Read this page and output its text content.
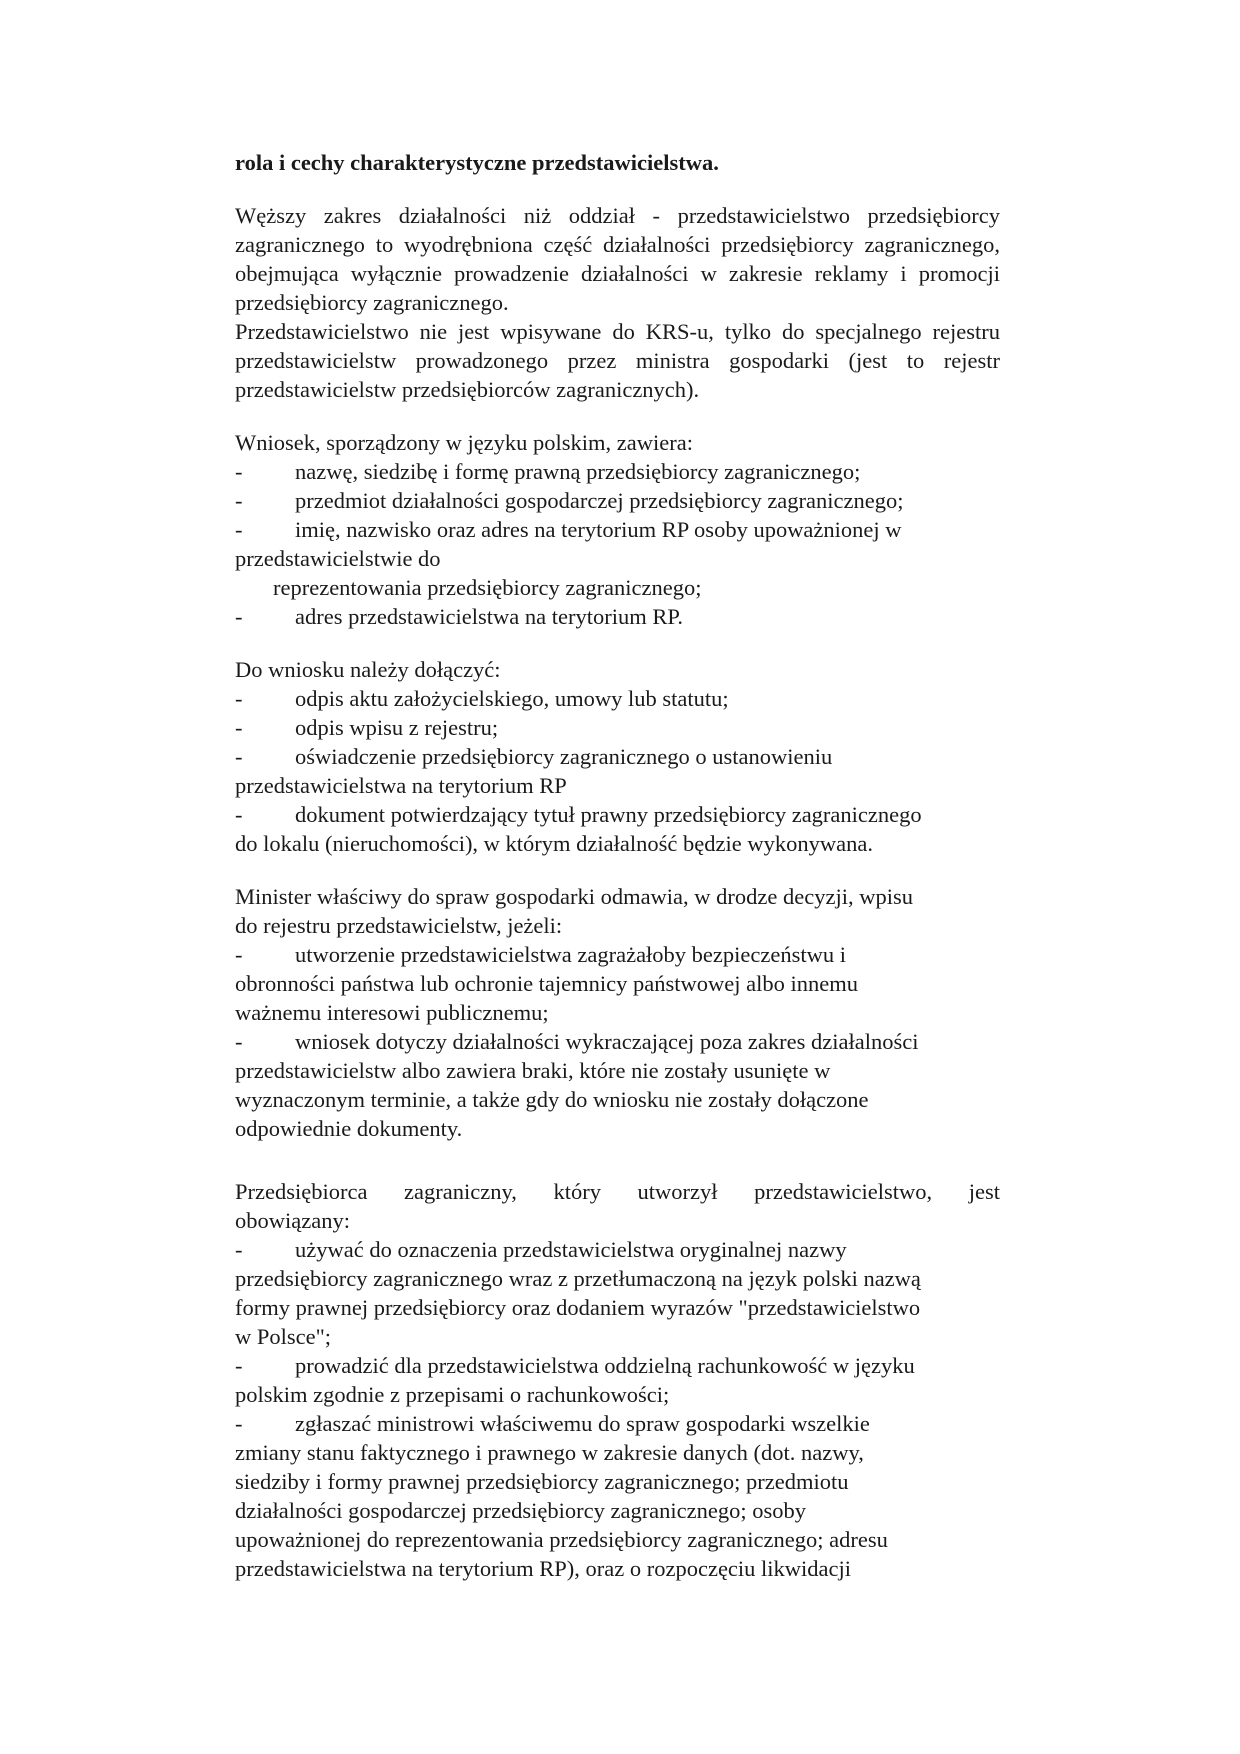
rola i cechy charakterystyczne przedstawicielstwa.

Węższy zakres działalności niż oddział - przedstawicielstwo przedsiębiorcy zagranicznego to wyodrębniona część działalności przedsiębiorcy zagranicznego, obejmująca wyłącznie prowadzenie działalności w zakresie reklamy i promocji przedsiębiorcy zagranicznego.

Przedstawicielstwo nie jest wpisywane do KRS-u, tylko do specjalnego rejestru przedstawicielstw prowadzonego przez ministra gospodarki (jest to rejestr przedstawicielstw przedsiębiorców zagranicznych).

Wniosek, sporządzony w języku polskim, zawiera:

- nazwę, siedzibę i formę prawną przedsiębiorcy zagranicznego;
- przedmiot działalności gospodarczej przedsiębiorcy zagranicznego;
- imię, nazwisko oraz adres na terytorium RP osoby upoważnionej w

przedstawicielstwie do

reprezentowania przedsiębiorcy zagranicznego;

- adres przedstawicielstwa na terytorium RP.

Do wniosku należy dołączyć:

- odpis aktu założycielskiego, umowy lub statutu;
- odpis wpisu z rejestru;
- oświadczenie przedsiębiorcy zagranicznego o ustanowieniu

przedstawicielstwa na terytorium RP

- dokument potwierdzający tytuł prawny przedsiębiorcy zagranicznego

do lokalu (nieruchomości), w którym działalność będzie wykonywana.

Minister właściwy do spraw gospodarki odmawia, w drodze decyzji, wpisu

do rejestru przedstawicielstw, jeżeli:

- utworzenie przedstawicielstwa zagrażałoby bezpieczeństwu i

obronności państwa lub ochronie tajemnicy państwowej albo innemu

ważnemu interesowi publicznemu;

- wniosek dotyczy działalności wykraczającej poza zakres działalności

przedstawicielstw albo zawiera braki, które nie zostały usunięte w

wyznaczonym terminie, a także gdy do wniosku nie zostały dołączone

odpowiednie dokumenty.

Przedsiębiorca zagraniczny, który utworzył przedstawicielstwo, jest

obowiązany:

- używać do oznaczenia przedstawicielstwa oryginalnej nazwy

przedsiębiorcy zagranicznego wraz z przetłumaczoną na język polski nazwą

formy prawnej przedsiębiorcy oraz dodaniem wyrazów "przedstawicielstwo

w Polsce";

- prowadzić dla przedstawicielstwa oddzielną rachunkowość w języku

polskim zgodnie z przepisami o rachunkowości;

- zgłaszać ministrowi właściwemu do spraw gospodarki wszelkie

zmiany stanu faktycznego i prawnego w zakresie danych (dot. nazwy,

siedziby i formy prawnej przedsiębiorcy zagranicznego; przedmiotu

działalności gospodarczej przedsiębiorcy zagranicznego; osoby

upoważnionej do reprezentowania przedsiębiorcy zagranicznego; adresu

przedstawicielstwa na terytorium RP), oraz o rozpoczęciu likwidacji
